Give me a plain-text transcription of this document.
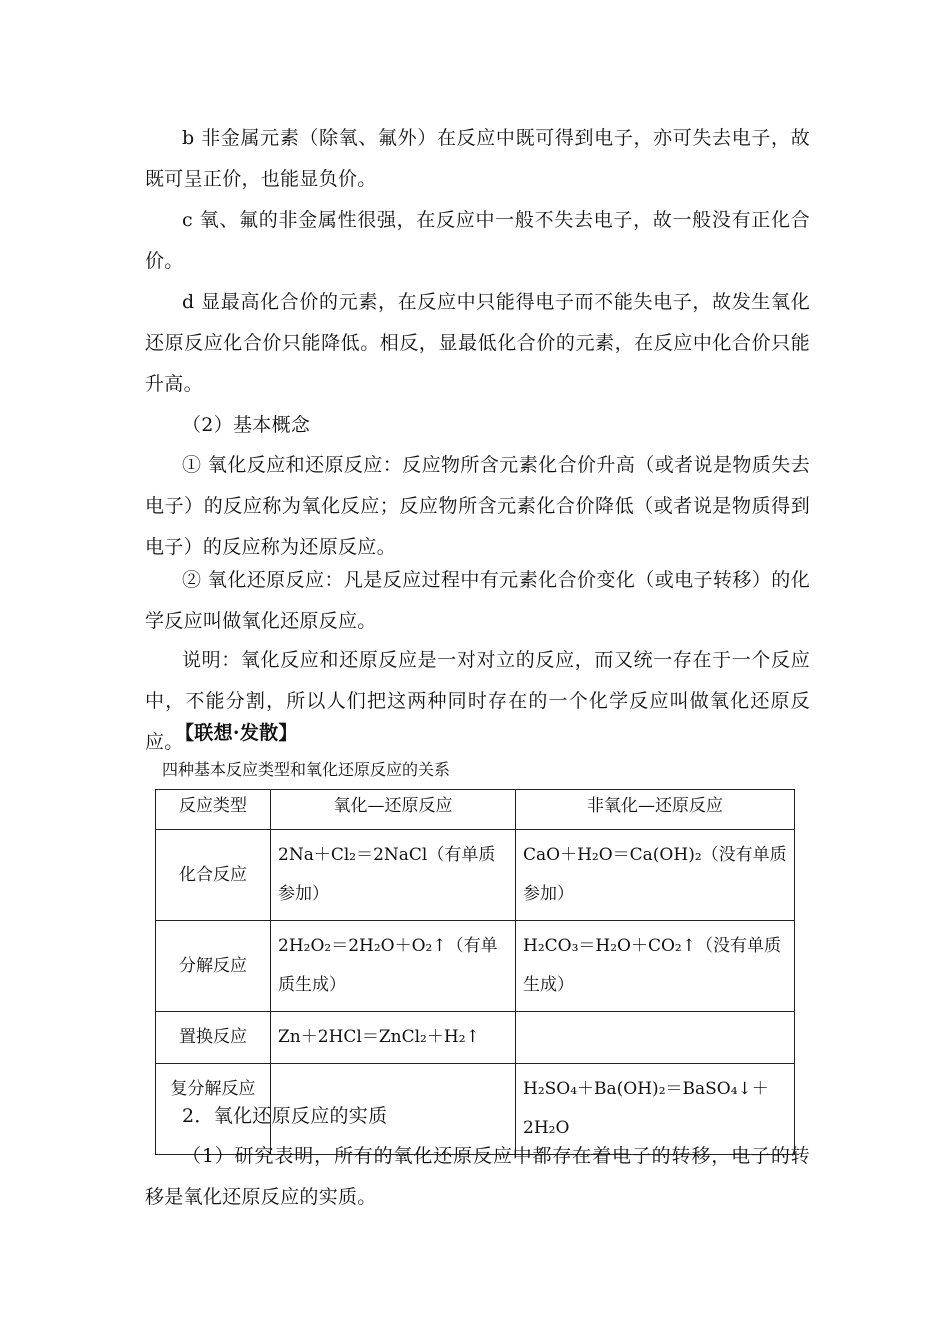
b 非金属元素（除氧、氟外）在反应中既可得到电子，亦可失去电子，故既可呈正价，也能显负价。

c 氧、氟的非金属性很强，在反应中一般不失去电子，故一般没有正化合价。

d 显最高化合价的元素，在反应中只能得电子而不能失电子，故发生氧化还原反应化合价只能降低。相反，显最低化合价的元素，在反应中化合价只能升高。

（2）基本概念

① 氧化反应和还原反应：反应物所含元素化合价升高（或者说是物质失去电子）的反应称为氧化反应；反应物所含元素化合价降低（或者说是物质得到电子）的反应称为还原反应。

② 氧化还原反应：凡是反应过程中有元素化合价变化（或电子转移）的化学反应叫做氧化还原反应。

说明：氧化反应和还原反应是一对对立的反应，而又统一存在于一个反应中，不能分割，所以人们把这两种同时存在的一个化学反应叫做氧化还原反应。

【联想·发散】

四种基本反应类型和氧化还原反应的关系

反应类型	氧化—还原反应	非氧化—还原反应
化合反应	2Na＋Cl₂＝2NaCl（有单质参加）	CaO＋H₂O＝Ca(OH)₂（没有单质参加）
分解反应	2H₂O₂＝2H₂O＋O₂↑（有单质生成）	H₂CO₃＝H₂O＋CO₂↑（没有单质生成）
置换反应	Zn＋2HCl＝ZnCl₂＋H₂↑	
复分解反应		H₂SO₄＋Ba(OH)₂＝BaSO₄↓＋2H₂O

2．氧化还原反应的实质

（1）研究表明，所有的氧化还原反应中都存在着电子的转移，电子的转移是氧化还原反应的实质。
